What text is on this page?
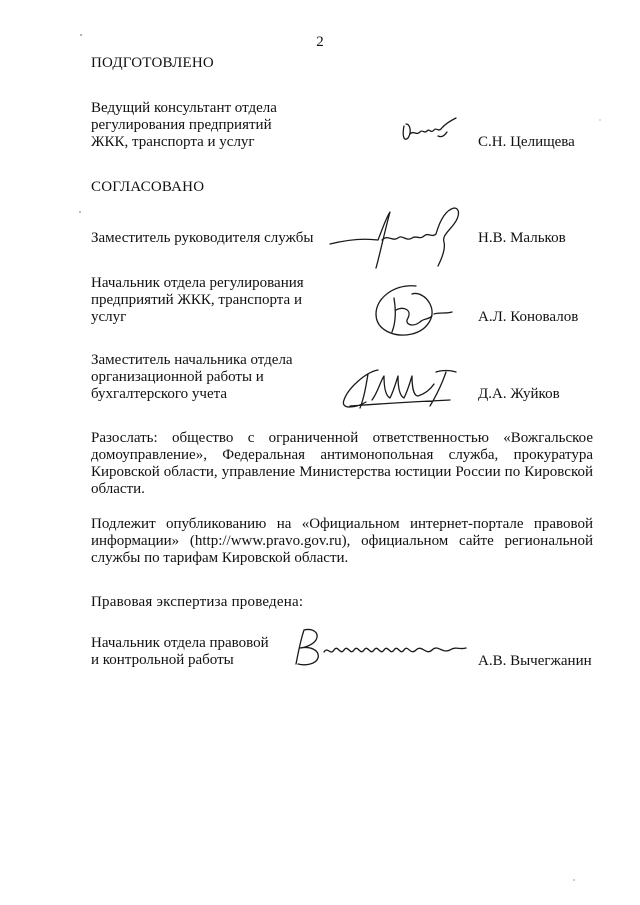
2
ПОДГОТОВЛЕНО
Ведущий консультант отдела
регулирования предприятий
ЖКК, транспорта и услуг	С.Н. Целищева
СОГЛАСОВАНО
Заместитель руководителя службы	Н.В. Мальков
Начальник отдела регулирования
предприятий ЖКК, транспорта и
услуг	А.Л. Коновалов
Заместитель начальника отдела
организационной работы и
бухгалтерского учета	Д.А. Жуйков
Разослать: общество с ограниченной ответственностью «Вожгальское домоуправление», Федеральная антимонопольная служба, прокуратура Кировской области, управление Министерства юстиции России по Кировской области.
Подлежит опубликованию на «Официальном интернет-портале правовой информации» (http://www.pravo.gov.ru), официальном сайте региональной службы по тарифам Кировской области.
Правовая экспертиза проведена:
Начальник отдела правовой
и контрольной работы	А.В. Вычегжанин
